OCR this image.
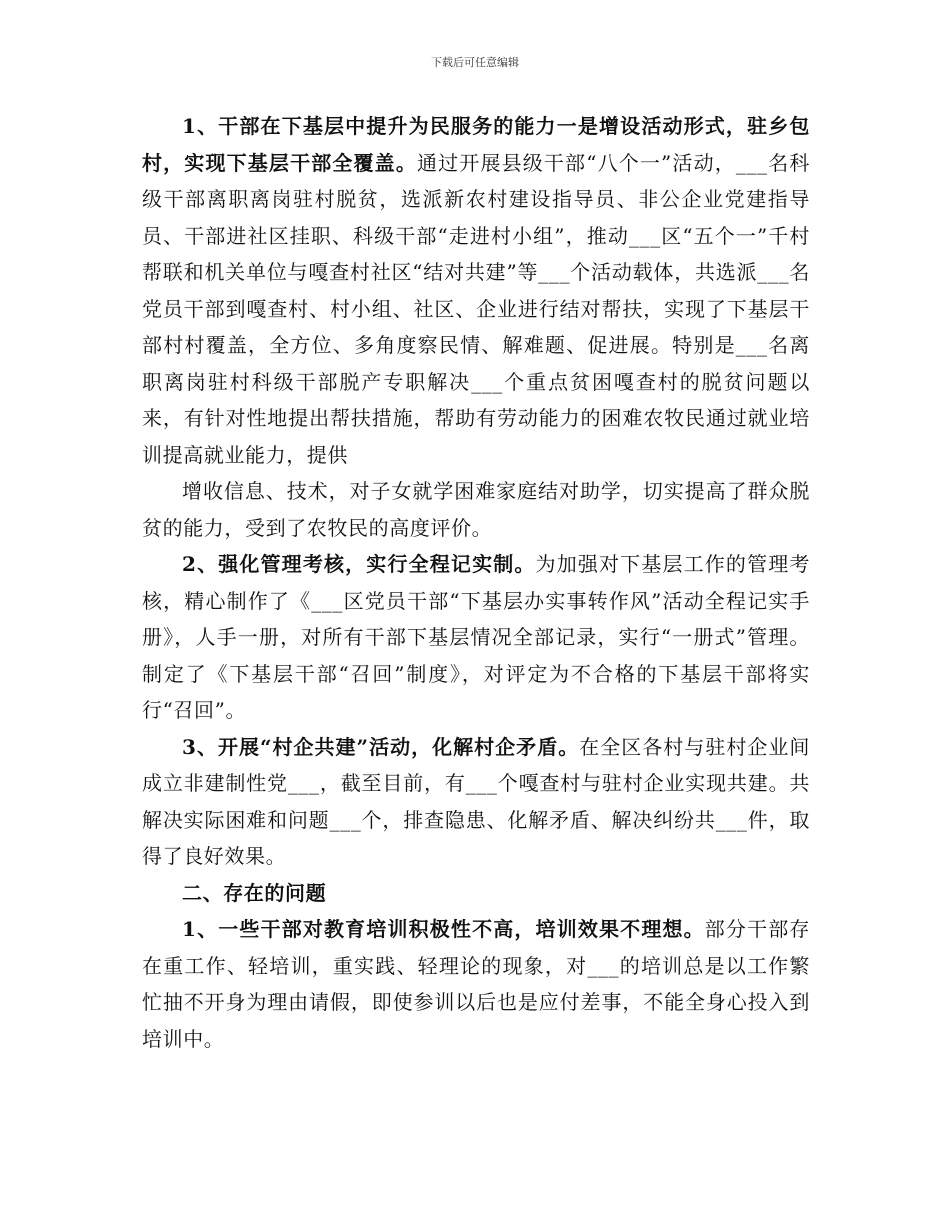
下载后可任意编辑

1、干部在下基层中提升为民服务的能力一是增设活动形式，驻乡包村，实现下基层干部全覆盖。通过开展县级干部“八个一”活动，___名科级干部离职离岗驻村脱贫，选派新农村建设指导员、非公企业党建指导员、干部进社区挂职、科级干部“走进村小组”，推动___区“五个一”千村帮联和机关单位与嘎查村社区“结对共建”等___个活动载体，共选派___名党员干部到嘎查村、村小组、社区、企业进行结对帮扶，实现了下基层干部村村覆盖，全方位、多角度察民情、解难题、促进展。特别是___名离职离岗驻村科级干部脱产专职解决___个重点贫困嘎查村的脱贫问题以来，有针对性地提出帮扶措施，帮助有劳动能力的困难农牧民通过就业培训提高就业能力，提供

增收信息、技术，对子女就学困难家庭结对助学，切实提高了群众脱贫的能力，受到了农牧民的高度评价。

2、强化管理考核，实行全程记实制。为加强对下基层工作的管理考核，精心制作了《___区党员干部“下基层办实事转作风”活动全程记实手册》，人手一册，对所有干部下基层情况全部记录，实行“一册式”管理。制定了《下基层干部“召回”制度》，对评定为不合格的下基层干部将实行“召回”。

3、开展“村企共建”活动，化解村企矛盾。在全区各村与驻村企业间成立非建制性党___，截至目前，有___个嘎查村与驻村企业实现共建。共解决实际困难和问题___个，排查隐患、化解矛盾、解决纠纷共___件，取得了良好效果。

二、存在的问题

1、一些干部对教育培训积极性不高，培训效果不理想。部分干部存在重工作、轻培训，重实践、轻理论的现象，对___的培训总是以工作繁忙抽不开身为理由请假，即使参训以后也是应付差事，不能全身心投入到培训中。
